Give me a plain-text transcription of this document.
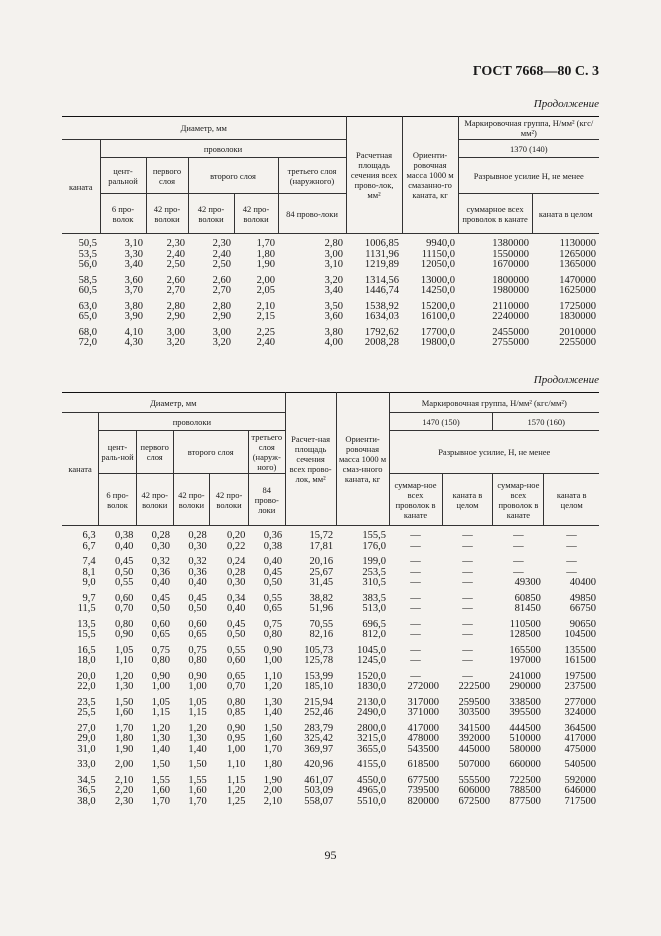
ГОСТ 7668—80 С. 3
Продолжение
Диаметр, мм						Расчетная площадь сечения всех прово-лок, мм²	Ориенти-ровочная масса 1000 м смазанно-го каната, кг	Маркировочная группа, Н/мм² (кгс/мм²)	
каната	проволоки							1370 (140)	
	цент-ральной	первого слоя	второго слоя		третьего слоя (наружного)			Разрывное усилие Н, не менее	
	6 про-волок	42 про-волоки	42 про-волоки	42 про-волоки	84 прово-локи			суммарное всех проволок в канате	каната в целом
50,5	3,10	2,30	2,30	1,70	2,80	1006,85	9940,0	1380000	1130000
53,5	3,30	2,40	2,40	1,80	3,00	1131,96	11150,0	1550000	1265000
56,0	3,40	2,50	2,50	1,90	3,10	1219,89	12050,0	1670000	1365000
58,5	3,60	2,60	2,60	2,00	3,20	1314,56	13000,0	1800000	1470000
60,5	3,70	2,70	2,70	2,05	3,40	1446,74	14250,0	1980000	1625000
63,0	3,80	2,80	2,80	2,10	3,50	1538,92	15200,0	2110000	1725000
65,0	3,90	2,90	2,90	2,15	3,60	1634,03	16100,0	2240000	1830000
68,0	4,10	3,00	3,00	2,25	3,80	1792,62	17700,0	2455000	2010000
72,0	4,30	3,20	3,20	2,40	4,00	2008,28	19800,0	2755000	2255000
Продолжение
Диаметр, мм						Расчет-ная площадь сечения всех прово-лок, мм²	Ориенти-ровочная масса 1000 м смаз-нного каната, кг	Маркировочная группа, Н/мм² (кгс/мм²)			
каната	проволоки							1470 (150)		1570 (160)	
	цент-раль-ной	первого слоя	второго слоя		третьего слоя (наруж-ного)			Разрывное усилие, Н, не менее			
	6 про-волок	42 про-волоки	42 про-волоки	42 про-волоки	84 прово-локи			суммар-ное всех проволок в канате	каната в целом	суммар-ное всех проволок в канате	каната в целом
6,3	0,38	0,28	0,28	0,20	0,36	15,72	155,5	—	—	—	—
6,7	0,40	0,30	0,30	0,22	0,38	17,81	176,0	—	—	—	—
7,4	0,45	0,32	0,32	0,24	0,40	20,16	199,0	—	—	—	—
8,1	0,50	0,36	0,36	0,28	0,45	25,67	253,5	—	—	—	—
9,0	0,55	0,40	0,40	0,30	0,50	31,45	310,5	—	—	49300	40400
9,7	0,60	0,45	0,45	0,34	0,55	38,82	383,5	—	—	60850	49850
11,5	0,70	0,50	0,50	0,40	0,65	51,96	513,0	—	—	81450	66750
13,5	0,80	0,60	0,60	0,45	0,75	70,55	696,5	—	—	110500	90650
15,5	0,90	0,65	0,65	0,50	0,80	82,16	812,0	—	—	128500	104500
16,5	1,05	0,75	0,75	0,55	0,90	105,73	1045,0	—	—	165500	135500
18,0	1,10	0,80	0,80	0,60	1,00	125,78	1245,0	—	—	197000	161500
20,0	1,20	0,90	0,90	0,65	1,10	153,99	1520,0	—	—	241000	197500
22,0	1,30	1,00	1,00	0,70	1,20	185,10	1830,0	272000	222500	290000	237500
23,5	1,50	1,05	1,05	0,80	1,30	215,94	2130,0	317000	259500	338500	277000
25,5	1,60	1,15	1,15	0,85	1,40	252,46	2490,0	371000	303500	395500	324000
27,0	1,70	1,20	1,20	0,90	1,50	283,79	2800,0	417000	341500	444500	364500
29,0	1,80	1,30	1,30	0,95	1,60	325,42	3215,0	478000	392000	510000	417000
31,0	1,90	1,40	1,40	1,00	1,70	369,97	3655,0	543500	445000	580000	475000
33,0	2,00	1,50	1,50	1,10	1,80	420,96	4155,0	618500	507000	660000	540500
34,5	2,10	1,55	1,55	1,15	1,90	461,07	4550,0	677500	555500	722500	592000
36,5	2,20	1,60	1,60	1,20	2,00	503,09	4965,0	739500	606000	788500	646000
38,0	2,30	1,70	1,70	1,25	2,10	558,07	5510,0	820000	672500	877500	717500
95
